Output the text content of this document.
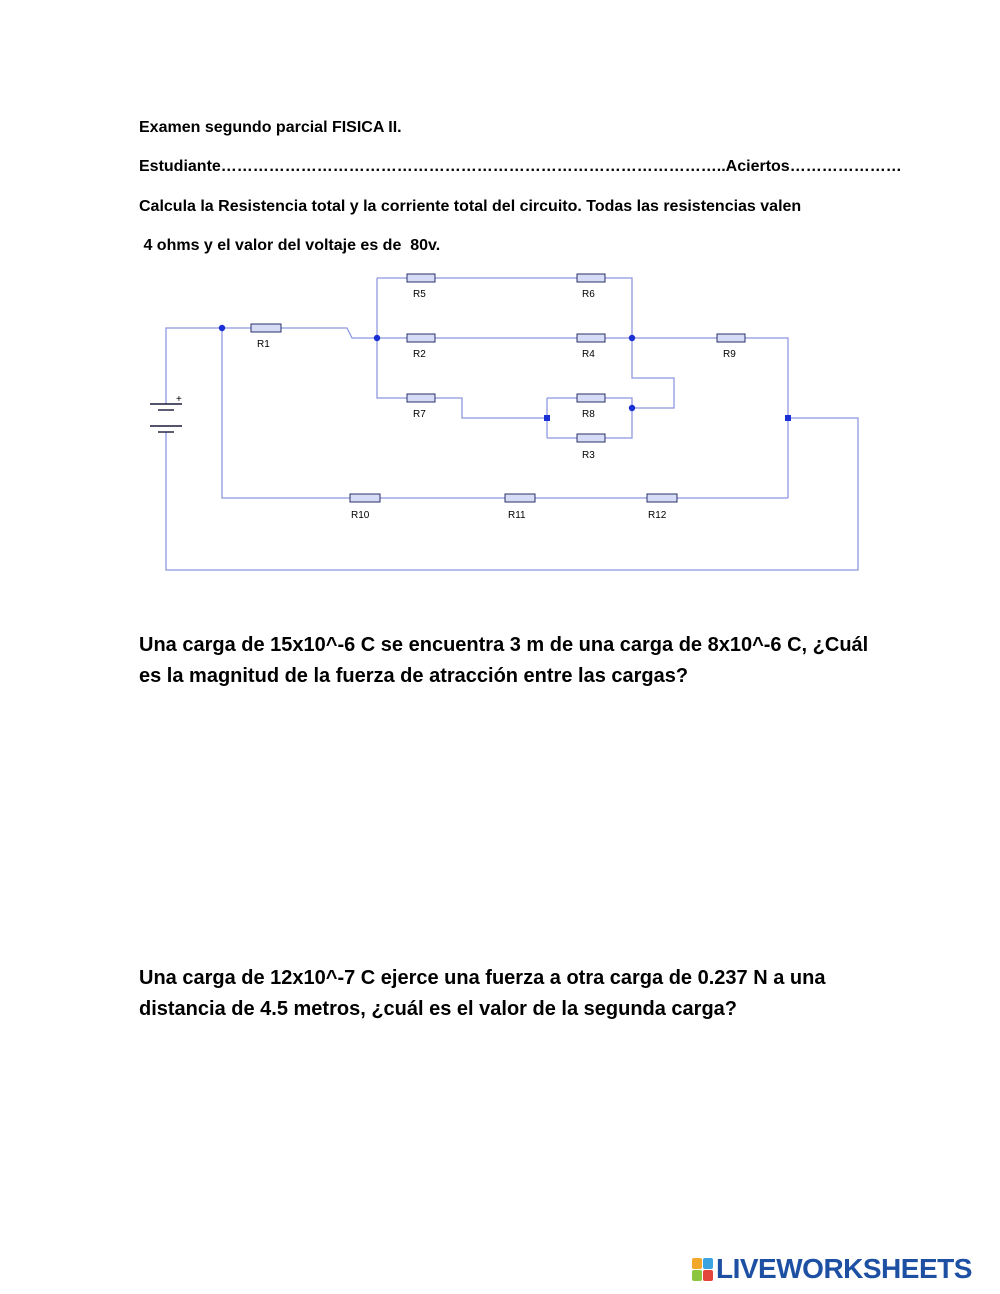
Examen segundo parcial FISICA II.
Estudiante…………………………………………………………………………………..Aciertos…………………
Calcula la Resistencia total y la corriente total del circuito. Todas las resistencias valen
4 ohms y el valor del voltaje es de  80v.
+
R5	R6
R1
R2	R4	R9
R7	R8
R3
R10	R11	R12
Una carga de 15x10^-6 C se encuentra 3 m de una carga de 8x10^-6 C, ¿Cuál es la magnitud de la fuerza de atracción entre las cargas?
Una carga de 12x10^-7 C ejerce una fuerza a otra carga de 0.237 N a una distancia de 4.5 metros, ¿cuál es el valor de la segunda carga?
LIVEWORKSHEETS
